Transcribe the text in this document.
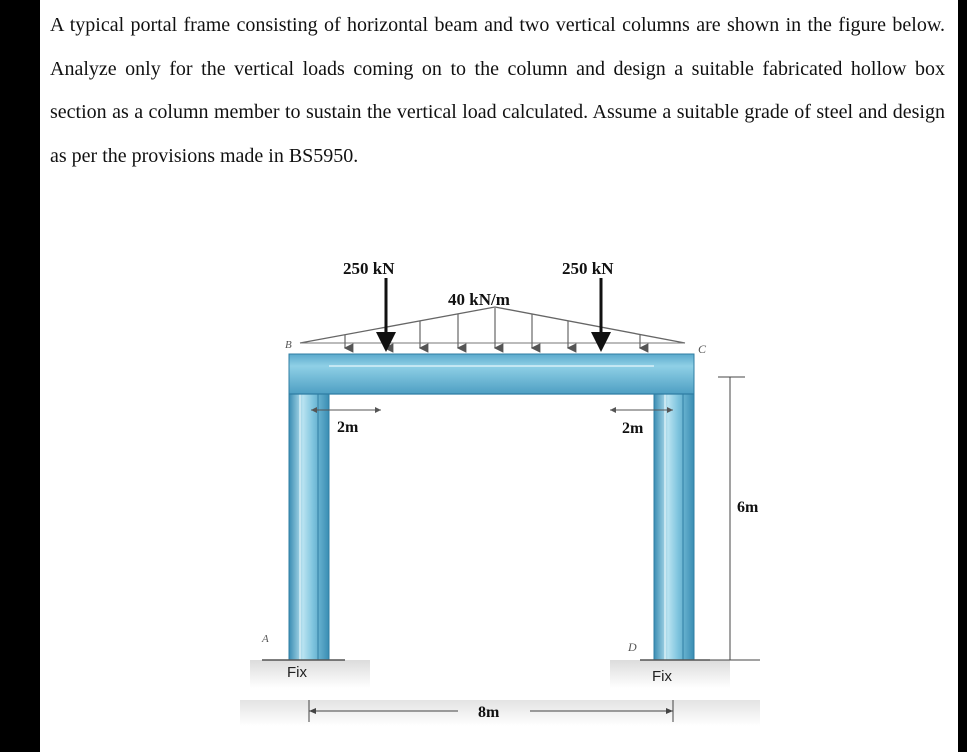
A typical portal frame consisting of horizontal beam and two vertical columns are shown in the figure below. Analyze only for the vertical loads coming on to the column and design a suitable fabricated hollow box section as a column member to sustain the vertical load calculated. Assume a suitable grade of steel and design as per the provisions made in BS5950.

250 kN	250 kN
40 kN/m
B	C
A
D
2m	2m
6m
8m
Fix	Fix
